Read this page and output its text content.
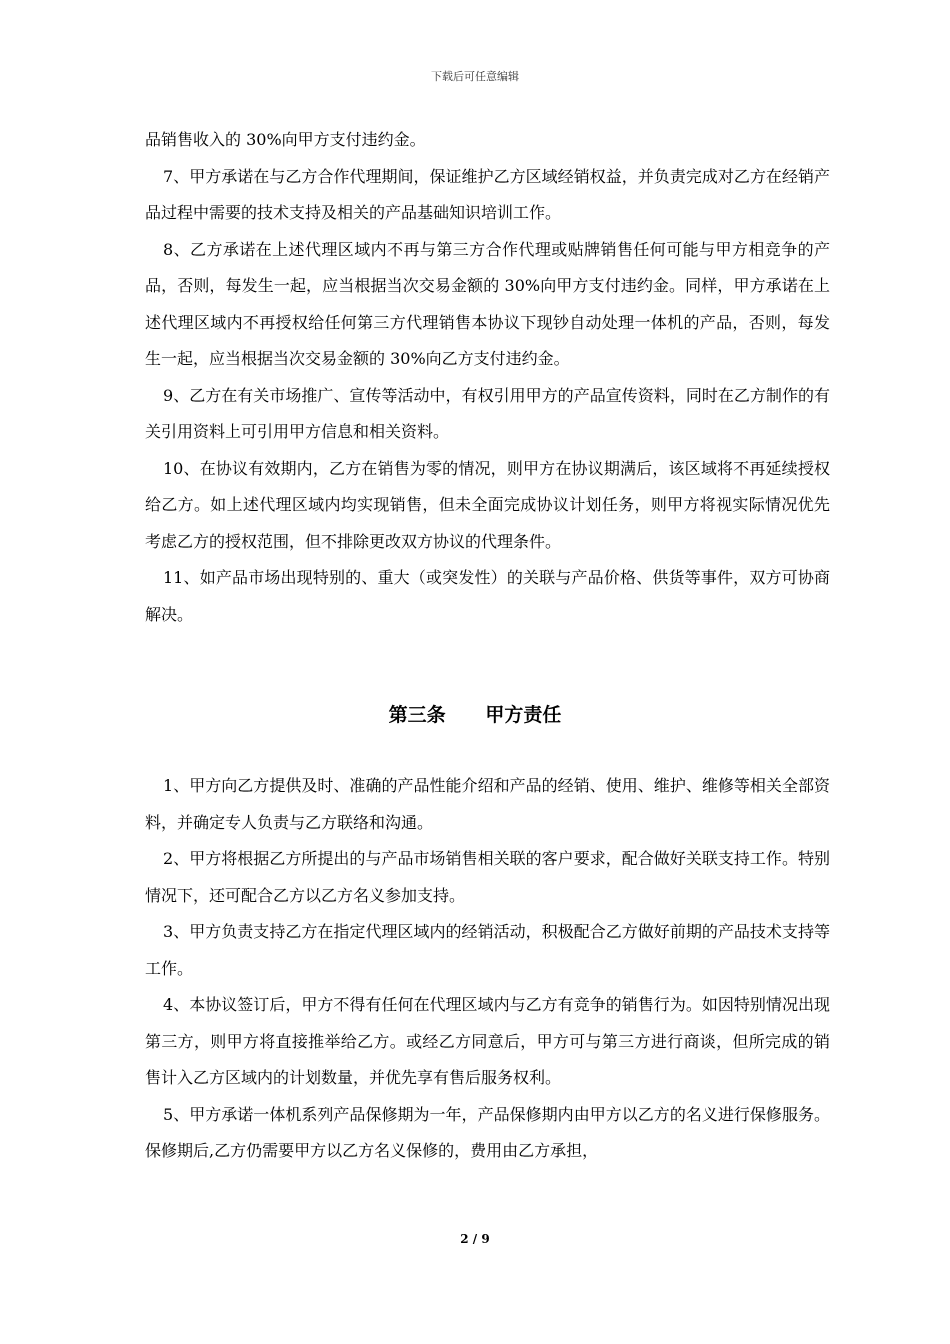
下载后可任意编辑

品销售收入的 30%向甲方支付违约金。

7、甲方承诺在与乙方合作代理期间，保证维护乙方区域经销权益，并负责完成对乙方在经销产品过程中需要的技术支持及相关的产品基础知识培训工作。

8、乙方承诺在上述代理区域内不再与第三方合作代理或贴牌销售任何可能与甲方相竞争的产品，否则，每发生一起，应当根据当次交易金额的 30%向甲方支付违约金。同样，甲方承诺在上述代理区域内不再授权给任何第三方代理销售本协议下现钞自动处理一体机的产品，否则，每发生一起，应当根据当次交易金额的 30%向乙方支付违约金。

9、乙方在有关市场推广、宣传等活动中，有权引用甲方的产品宣传资料，同时在乙方制作的有关引用资料上可引用甲方信息和相关资料。

10、在协议有效期内，乙方在销售为零的情况，则甲方在协议期满后，该区域将不再延续授权给乙方。如上述代理区域内均实现销售，但未全面完成协议计划任务，则甲方将视实际情况优先考虑乙方的授权范围，但不排除更改双方协议的代理条件。

11、如产品市场出现特别的、重大（或突发性）的关联与产品价格、供货等事件，双方可协商解决。

第三条      甲方责任

1、甲方向乙方提供及时、准确的产品性能介绍和产品的经销、使用、维护、维修等相关全部资料，并确定专人负责与乙方联络和沟通。

2、甲方将根据乙方所提出的与产品市场销售相关联的客户要求，配合做好关联支持工作。特别情况下，还可配合乙方以乙方名义参加支持。

3、甲方负责支持乙方在指定代理区域内的经销活动，积极配合乙方做好前期的产品技术支持等工作。

4、本协议签订后，甲方不得有任何在代理区域内与乙方有竞争的销售行为。如因特别情况出现第三方，则甲方将直接推举给乙方。或经乙方同意后，甲方可与第三方进行商谈，但所完成的销售计入乙方区域内的计划数量，并优先享有售后服务权利。

5、甲方承诺一体机系列产品保修期为一年，产品保修期内由甲方以乙方的名义进行保修服务。保修期后,乙方仍需要甲方以乙方名义保修的，费用由乙方承担，

2 / 9
